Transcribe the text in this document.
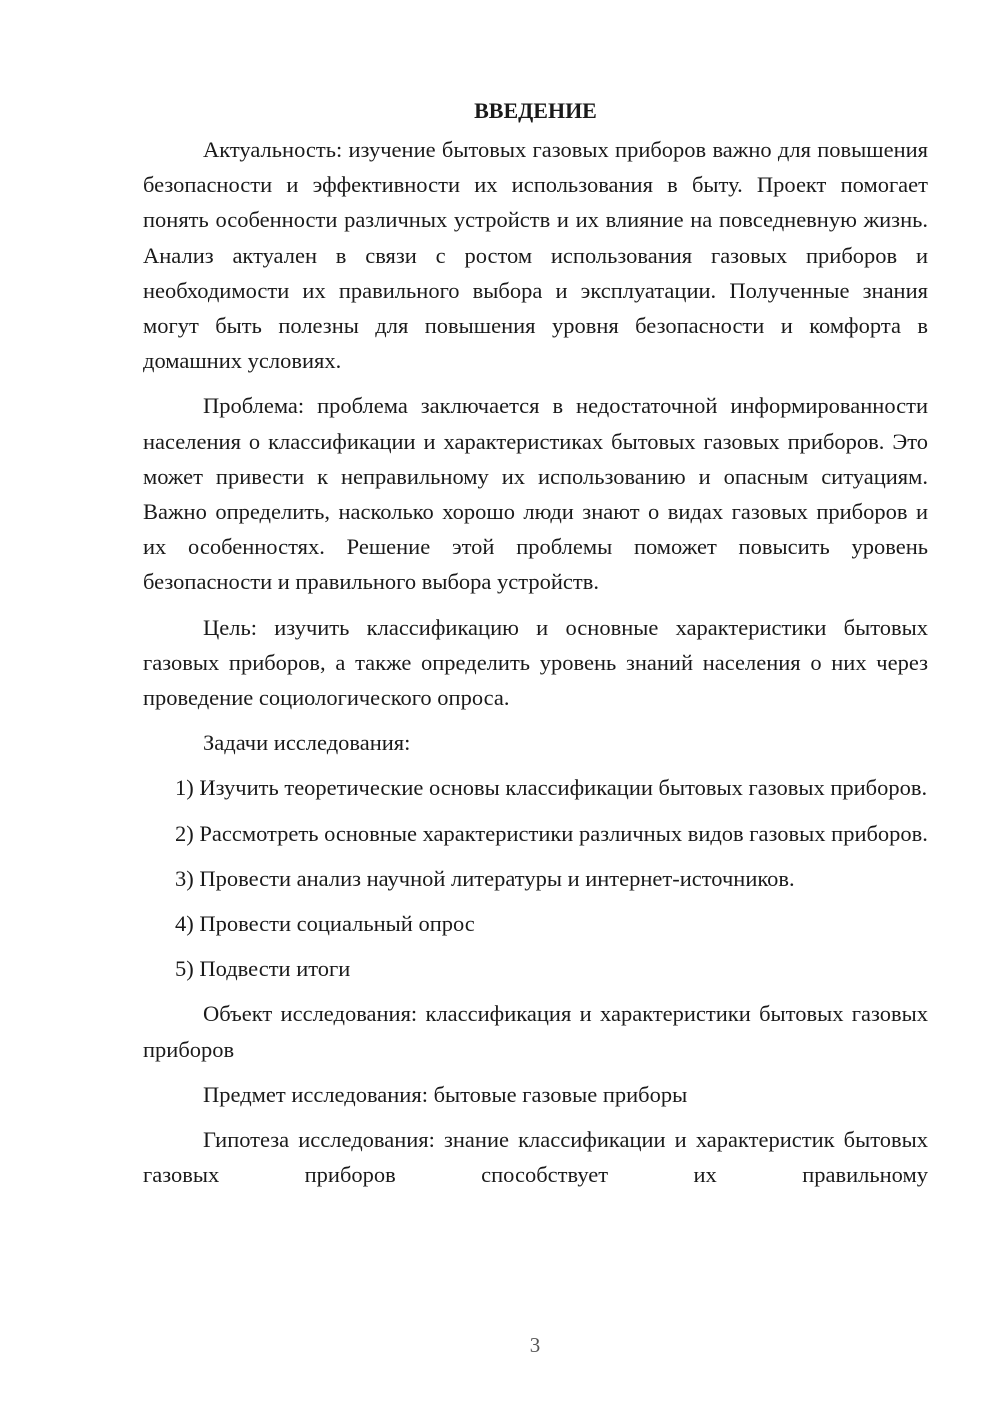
ВВЕДЕНИЕ

Актуальность: изучение бытовых газовых приборов важно для повышения безопасности и эффективности их использования в быту. Проект помогает понять особенности различных устройств и их влияние на повседневную жизнь. Анализ актуален в связи с ростом использования газовых приборов и необходимости их правильного выбора и эксплуатации. Полученные знания могут быть полезны для повышения уровня безопасности и комфорта в домашних условиях.

Проблема: проблема заключается в недостаточной информированности населения о классификации и характеристиках бытовых газовых приборов. Это может привести к неправильному их использованию и опасным ситуациям. Важно определить, насколько хорошо люди знают о видах газовых приборов и их особенностях. Решение этой проблемы поможет повысить уровень безопасности и правильного выбора устройств.

Цель: изучить классификацию и основные характеристики бытовых газовых приборов, а также определить уровень знаний населения о них через проведение социологического опроса.

Задачи исследования:

1) Изучить теоретические основы классификации бытовых газовых приборов.

2) Рассмотреть основные характеристики различных видов газовых приборов.

3) Провести анализ научной литературы и интернет-источников.

4) Провести социальный опрос

5) Подвести итоги

Объект исследования: классификация и характеристики бытовых газовых приборов

Предмет исследования: бытовые газовые приборы

Гипотеза исследования: знание классификации и характеристик бытовых газовых приборов способствует их правильному

3
